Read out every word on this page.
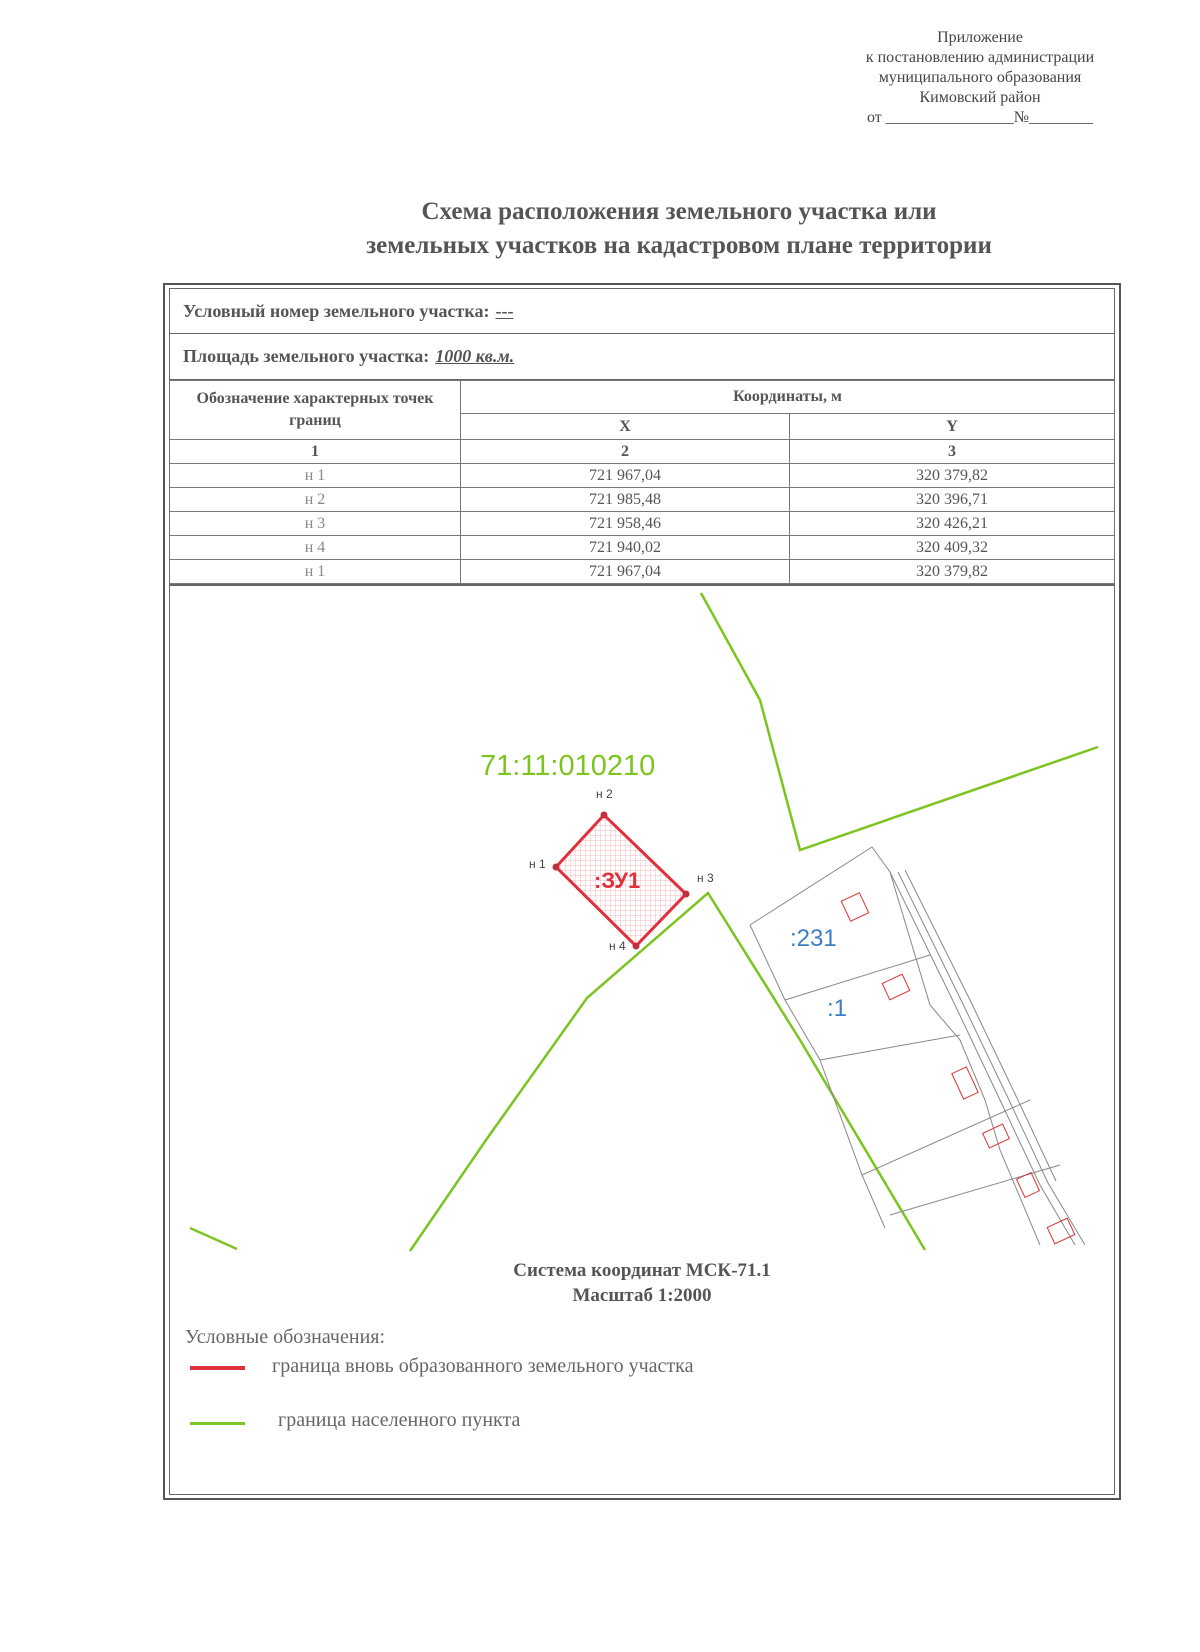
Приложение
к постановлению администрации
муниципального образования
Кимовский район
от ________________№________
Схема расположения земельного участка или
земельных участков на кадастровом плане территории
Условный номер земельного участка: ---
Площадь земельного участка: 1000 кв.м.
Обозначение характерных точек границ	Координаты, м	
	X	Y
1	2	3
н 1	721 967,04	320 379,82
н 2	721 985,48	320 396,71
н 3	721 958,46	320 426,21
н 4	721 940,02	320 409,32
н 1	721 967,04	320 379,82
71:11:010210
н 1
н 2
н 3
н 4
:ЗУ1
:231
:1
Система координат МСК-71.1
Масштаб 1:2000
Условные обозначения:
граница вновь образованного земельного участка
граница населенного пункта
